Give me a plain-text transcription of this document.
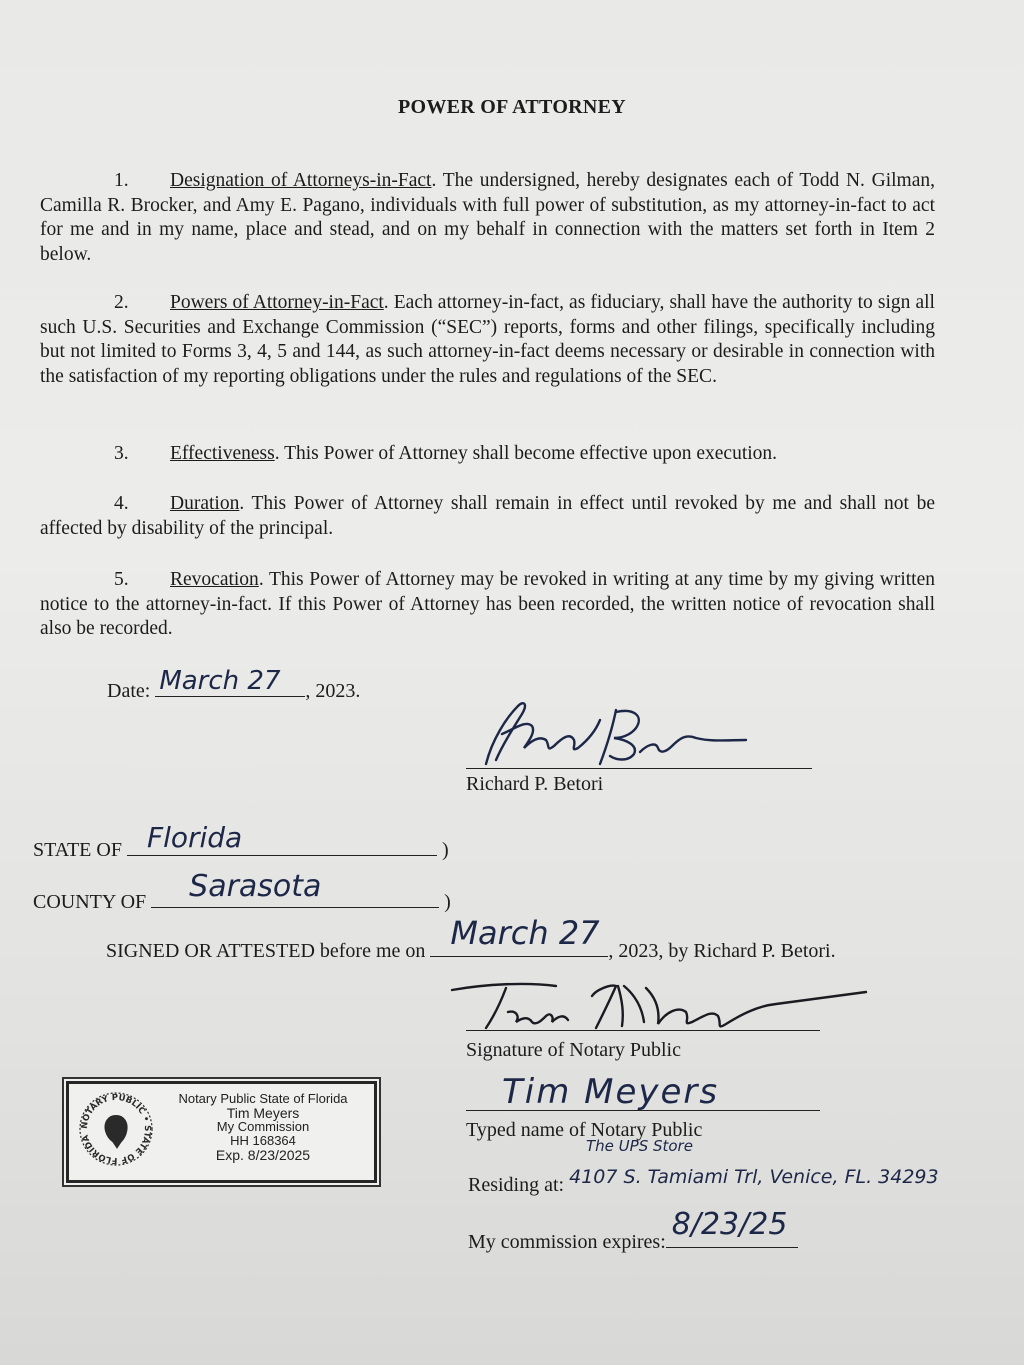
POWER OF ATTORNEY
1. Designation of Attorneys-in-Fact. The undersigned, hereby designates each of Todd N. Gilman, Camilla R. Brocker, and Amy E. Pagano, individuals with full power of substitution, as my attorney-in-fact to act for me and in my name, place and stead, and on my behalf in connection with the matters set forth in Item 2 below.
2. Powers of Attorney-in-Fact. Each attorney-in-fact, as fiduciary, shall have the authority to sign all such U.S. Securities and Exchange Commission (“SEC”) reports, forms and other filings, specifically including but not limited to Forms 3, 4, 5 and 144, as such attorney-in-fact deems necessary or desirable in connection with the satisfaction of my reporting obligations under the rules and regulations of the SEC.
3. Effectiveness. This Power of Attorney shall become effective upon execution.
4. Duration. This Power of Attorney shall remain in effect until revoked by me and shall not be affected by disability of the principal.
5. Revocation. This Power of Attorney may be revoked in writing at any time by my giving written notice to the attorney-in-fact. If this Power of Attorney has been recorded, the written notice of revocation shall also be recorded.
Date: March 27 , 2023.
Richard P. Betori
STATE OF Florida	)
COUNTY OF Sarasota	)
SIGNED OR ATTESTED before me on March 27 , 2023, by Richard P. Betori.
Signature of Notary Public
Tim Meyers
Typed name of Notary Public
The UPS Store
Residing at: 4107 S. Tamiami Trl, Venice, FL. 34293
My commission expires: 8/23/25
NOTARY PUBLIC • STATE OF FLORIDA
Notary Public State of Florida
Tim Meyers
My Commission
HH 168364
Exp. 8/23/2025
